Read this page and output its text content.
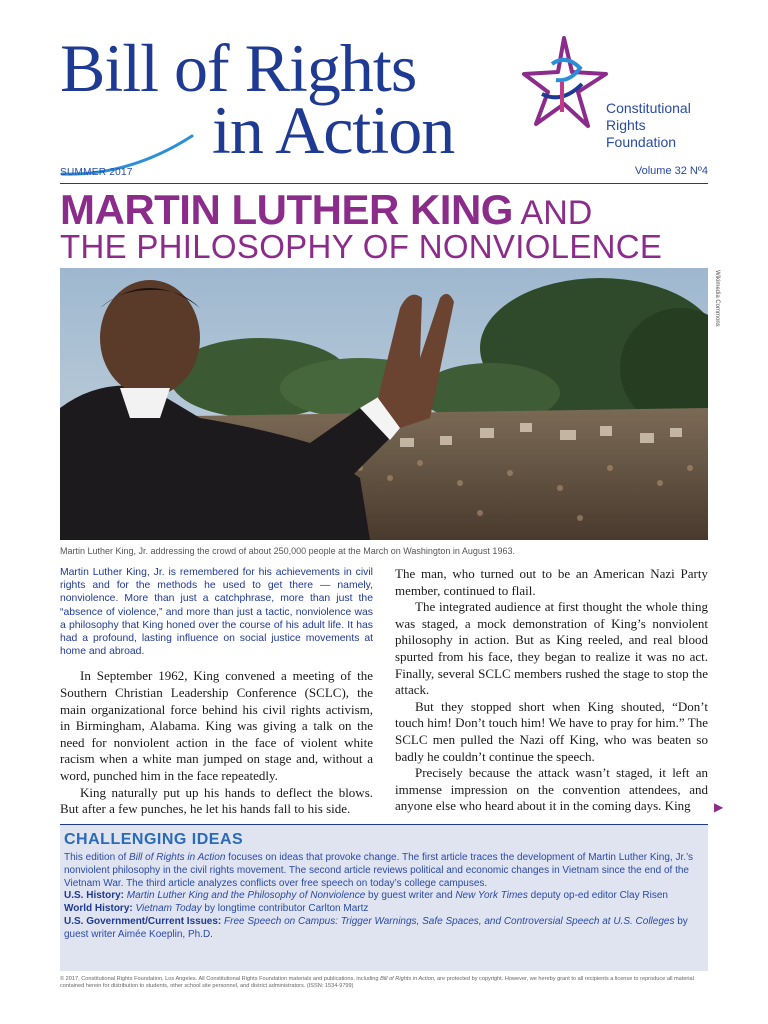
Bill of Rights
in Action	Constitutional
Rights
Foundation
SUMMER 2017	Volume 32 Nº4
MARTIN LUTHER KING AND
THE PHILOSOPHY OF NONVIOLENCE
Wikimedia Commons
Martin Luther King, Jr. addressing the crowd of about 250,000 people at the March on Washington in August 1963.
Martin Luther King, Jr. is remembered for his achievements in civil rights and for the methods he used to get there — namely, nonviolence. More than just a catchphrase, more than just the “absence of violence,” and more than just a tactic, nonviolence was a philosophy that King honed over the course of his adult life. It has had a profound, lasting influence on social justice movements at home and abroad.

In September 1962, King convened a meeting of the Southern Christian Leadership Conference (SCLC), the main organizational force behind his civil rights activism, in Birmingham, Alabama. King was giving a talk on the need for nonviolent action in the face of violent white racism when a white man jumped on stage and, without a word, punched him in the face repeatedly.

King naturally put up his hands to deflect the blows. But after a few punches, he let his hands fall to his side.

The man, who turned out to be an American Nazi Party member, continued to flail.

The integrated audience at first thought the whole thing was staged, a mock demonstration of King’s nonviolent philosophy in action. But as King reeled, and real blood spurted from his face, they began to realize it was no act. Finally, several SCLC members rushed the stage to stop the attack.

But they stopped short when King shouted, “Don’t touch him! Don’t touch him! We have to pray for him.” The SCLC men pulled the Nazi off King, who was beaten so badly he couldn’t continue the speech.

Precisely because the attack wasn’t staged, it left an immense impression on the convention attendees, and anyone else who heard about it in the coming days. King	▶
CHALLENGING IDEAS
This edition of Bill of Rights in Action focuses on ideas that provoke change. The first article traces the development of Martin Luther King, Jr.’s nonviolent philosophy in the civil rights movement. The second article reviews political and economic changes in Vietnam since the end of the Vietnam War. The third article analyzes conflicts over free speech on today’s college campuses.
U.S. History: Martin Luther King and the Philosophy of Nonviolence by guest writer and New York Times deputy op-ed editor Clay Risen
World History: Vietnam Today by longtime contributor Carlton Martz
U.S. Government/Current Issues: Free Speech on Campus: Trigger Warnings, Safe Spaces, and Controversial Speech at U.S. Colleges by guest writer Aimée Koeplin, Ph.D.
© 2017, Constitutional Rights Foundation, Los Angeles. All Constitutional Rights Foundation materials and publications, including Bill of Rights in Action, are protected by copyright. However, we hereby grant to all recipients a license to reproduce all material contained herein for distribution to students, other school site personnel, and district administrators. (ISSN: 1534-9799)
